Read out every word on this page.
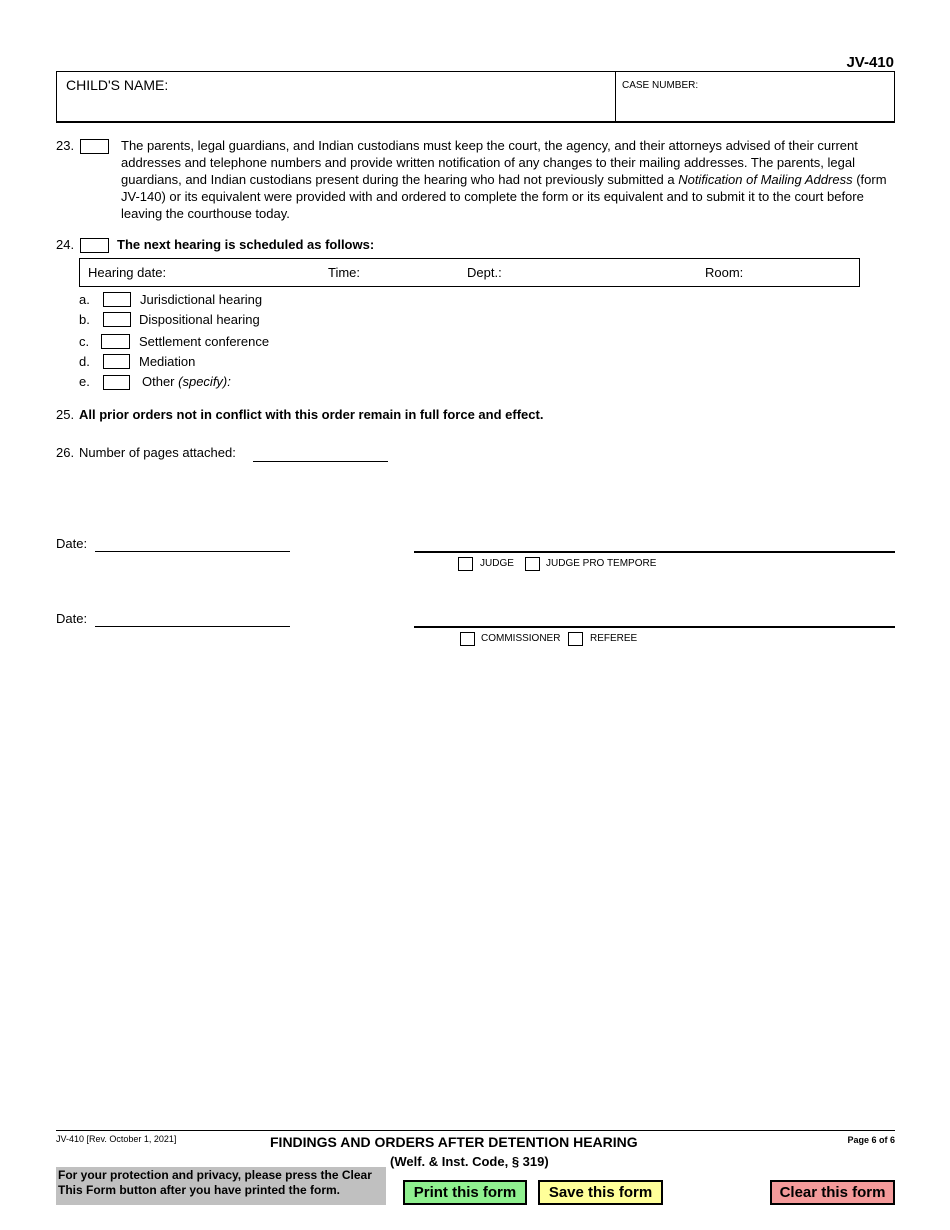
JV-410
CHILD'S NAME:	CASE NUMBER:
23.	The parents, legal guardians, and Indian custodians must keep the court, the agency, and their attorneys advised of their current addresses and telephone numbers and provide written notification of any changes to their mailing addresses. The parents, legal guardians, and Indian custodians present during the hearing who had not previously submitted a Notification of Mailing Address (form JV-140) or its equivalent were provided with and ordered to complete the form or its equivalent and to submit it to the court before leaving the courthouse today.
24.	The next hearing is scheduled as follows:
Hearing date:	Time:	Dept.:	Room:
a.	Jurisdictional hearing
b.	Dispositional hearing
c.	Settlement conference
d.	Mediation
e.	Other (specify):
25. All prior orders not in conflict with this order remain in full force and effect.
26. Number of pages attached:
Date:
JUDGE	JUDGE PRO TEMPORE
Date:
COMMISSIONER	REFEREE
JV-410 [Rev. October 1, 2021]	FINDINGS AND ORDERS AFTER DETENTION HEARING
(Welf. & Inst. Code, § 319)
Page 6 of 6
For your protection and privacy, please press the Clear This Form button after you have printed the form.	Print this form	Save this form	Clear this form
